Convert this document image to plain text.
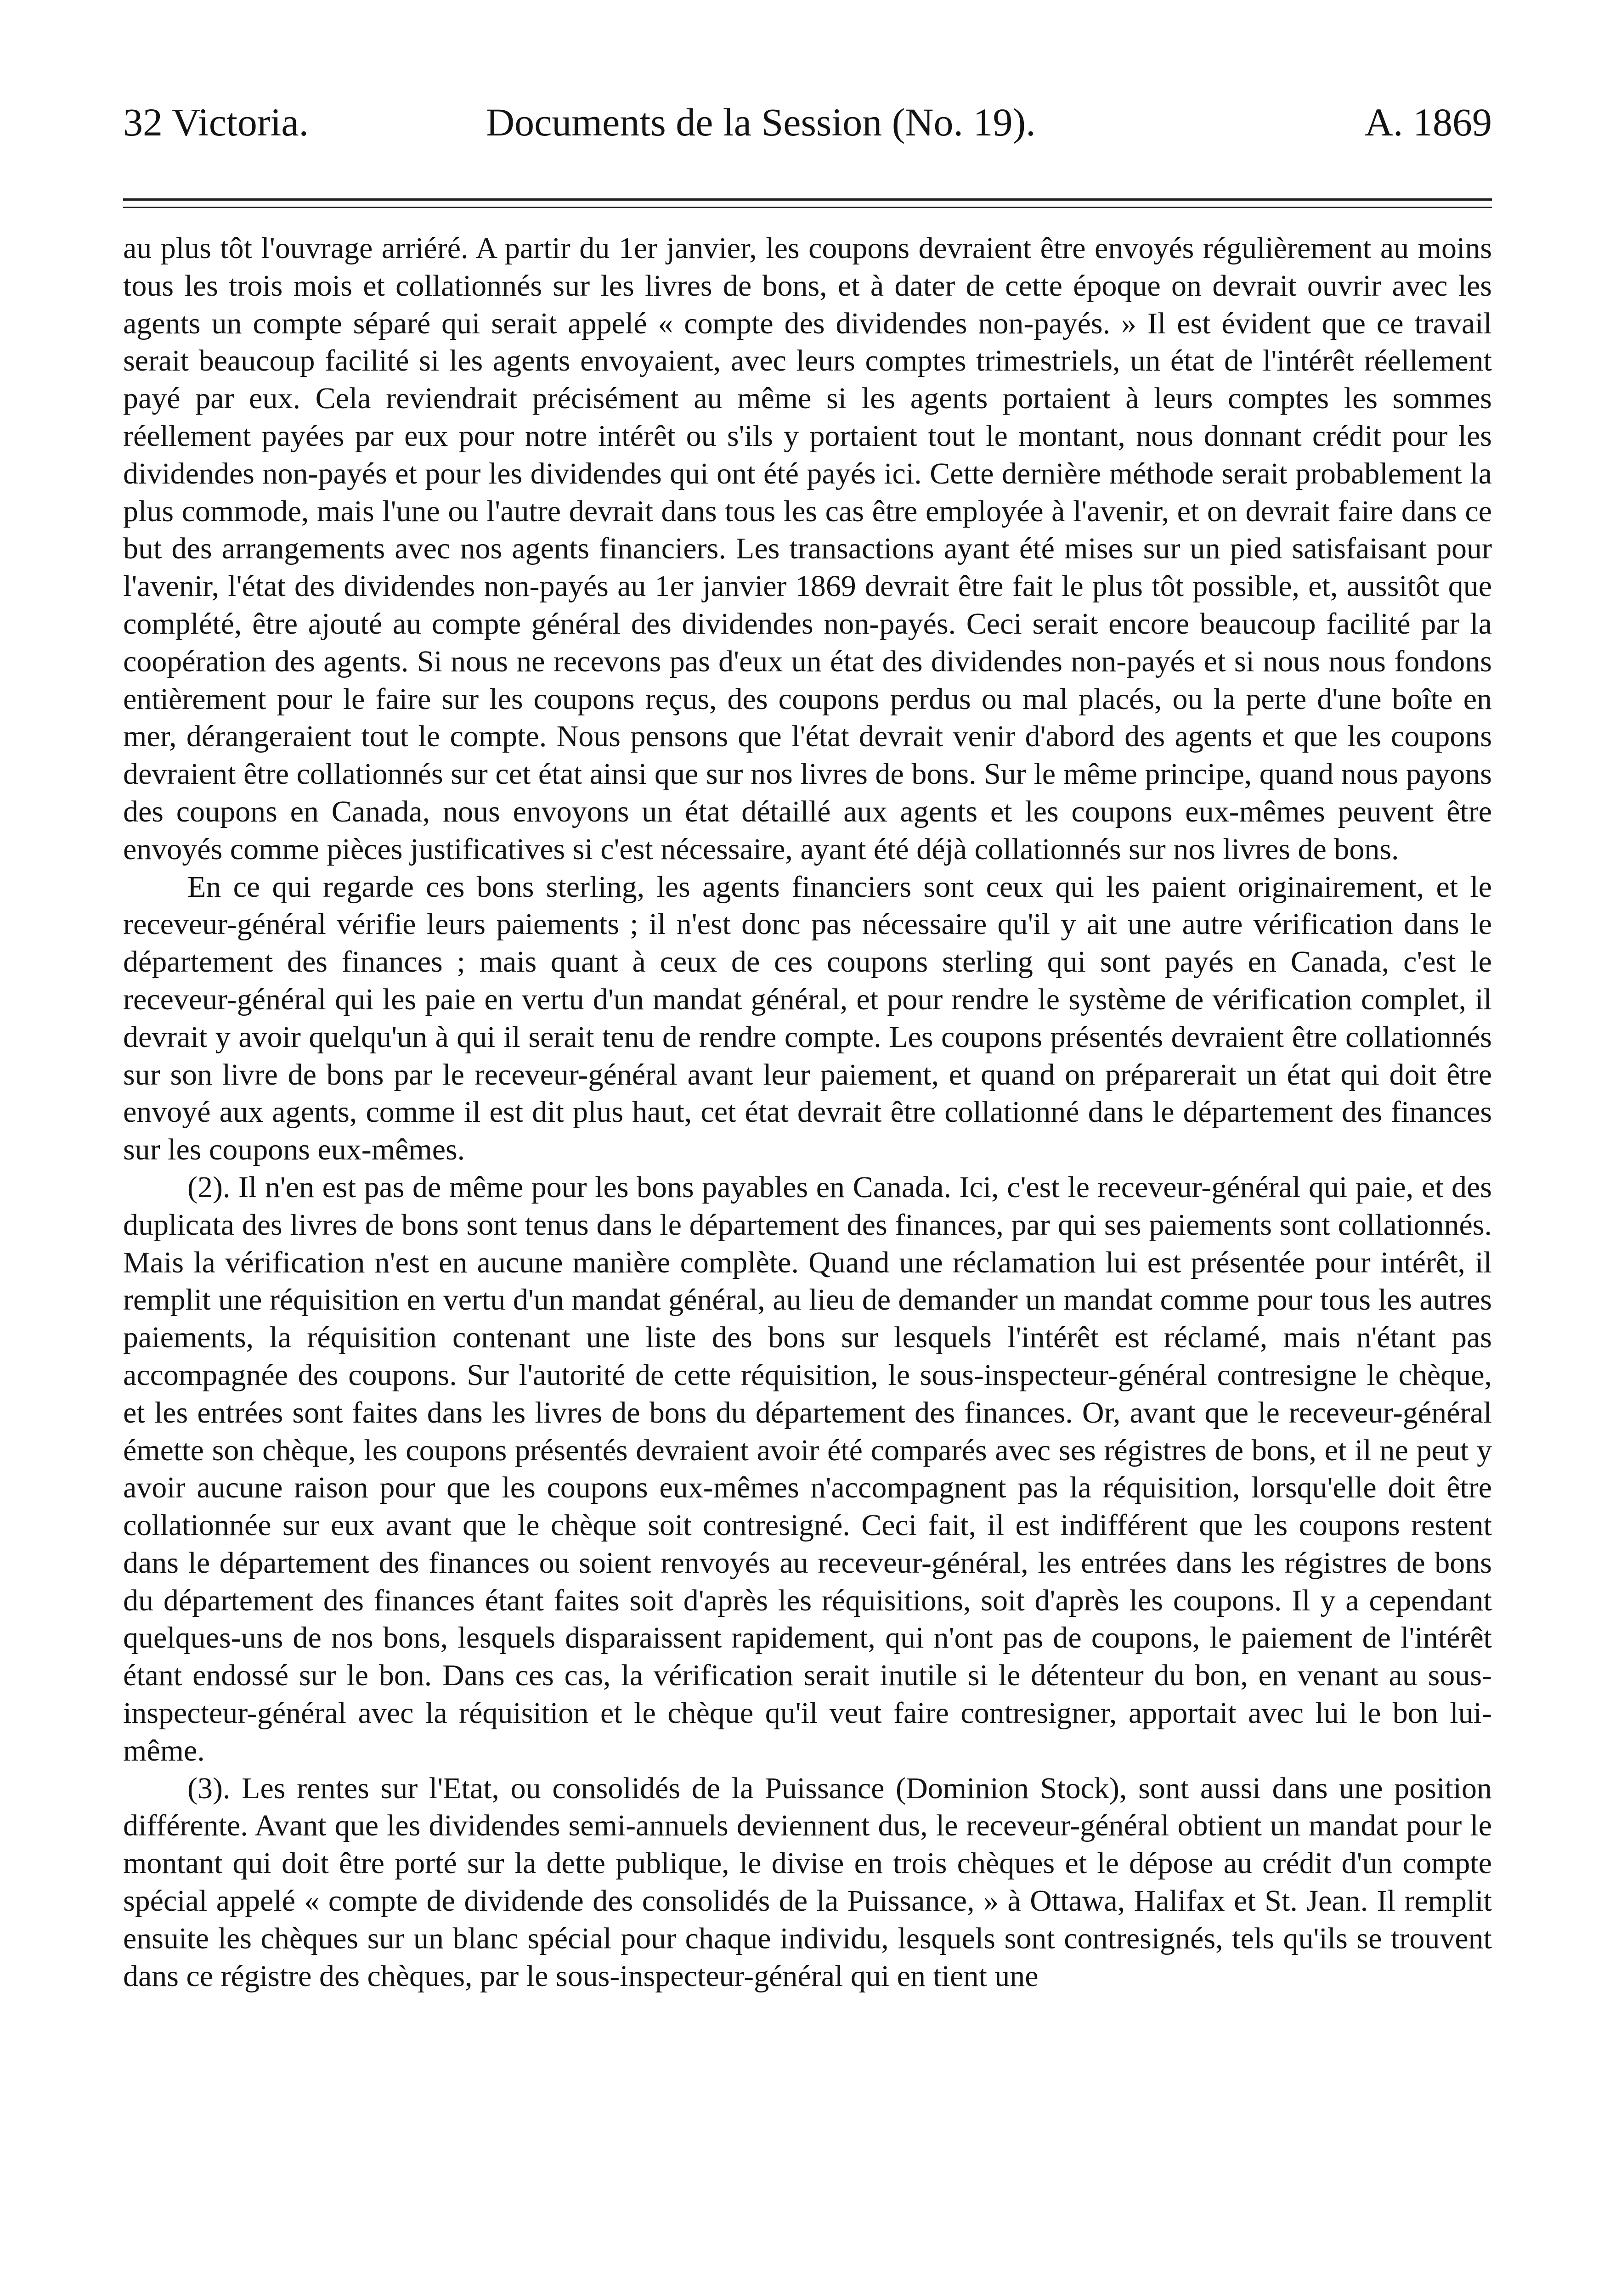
32 Victoria.	Documents de la Session (No. 19).	A. 1869

au plus tôt l'ouvrage arriéré. A partir du 1er janvier, les coupons devraient être envoyés régulièrement au moins tous les trois mois et collationnés sur les livres de bons, et à dater de cette époque on devrait ouvrir avec les agents un compte séparé qui serait appelé « compte des dividendes non-payés. » Il est évident que ce travail serait beaucoup facilité si les agents envoyaient, avec leurs comptes trimestriels, un état de l'intérêt réellement payé par eux. Cela reviendrait précisément au même si les agents portaient à leurs comptes les sommes réellement payées par eux pour notre intérêt ou s'ils y portaient tout le montant, nous donnant crédit pour les dividendes non-payés et pour les dividendes qui ont été payés ici. Cette dernière méthode serait probablement la plus commode, mais l'une ou l'autre devrait dans tous les cas être employée à l'avenir, et on devrait faire dans ce but des arrangements avec nos agents financiers. Les transactions ayant été mises sur un pied satisfaisant pour l'avenir, l'état des dividendes non-payés au 1er janvier 1869 devrait être fait le plus tôt possible, et, aussitôt que complété, être ajouté au compte général des dividendes non-payés. Ceci serait encore beaucoup facilité par la coopération des agents. Si nous ne recevons pas d'eux un état des dividendes non-payés et si nous nous fondons entièrement pour le faire sur les coupons reçus, des coupons perdus ou mal placés, ou la perte d'une boîte en mer, dérangeraient tout le compte. Nous pensons que l'état devrait venir d'abord des agents et que les coupons devraient être collationnés sur cet état ainsi que sur nos livres de bons. Sur le même principe, quand nous payons des coupons en Canada, nous envoyons un état détaillé aux agents et les coupons eux-mêmes peuvent être envoyés comme pièces justificatives si c'est nécessaire, ayant été déjà collationnés sur nos livres de bons.

En ce qui regarde ces bons sterling, les agents financiers sont ceux qui les paient originairement, et le receveur-général vérifie leurs paiements ; il n'est donc pas nécessaire qu'il y ait une autre vérification dans le département des finances ; mais quant à ceux de ces coupons sterling qui sont payés en Canada, c'est le receveur-général qui les paie en vertu d'un mandat général, et pour rendre le système de vérification complet, il devrait y avoir quelqu'un à qui il serait tenu de rendre compte. Les coupons présentés devraient être collationnés sur son livre de bons par le receveur-général avant leur paiement, et quand on préparerait un état qui doit être envoyé aux agents, comme il est dit plus haut, cet état devrait être collationné dans le département des finances sur les coupons eux-mêmes.

(2). Il n'en est pas de même pour les bons payables en Canada. Ici, c'est le receveur-général qui paie, et des duplicata des livres de bons sont tenus dans le département des finances, par qui ses paiements sont collationnés. Mais la vérification n'est en aucune manière complète. Quand une réclamation lui est présentée pour intérêt, il remplit une réquisition en vertu d'un mandat général, au lieu de demander un mandat comme pour tous les autres paiements, la réquisition contenant une liste des bons sur lesquels l'intérêt est réclamé, mais n'étant pas accompagnée des coupons. Sur l'autorité de cette réquisition, le sous-inspecteur-général contresigne le chèque, et les entrées sont faites dans les livres de bons du département des finances. Or, avant que le receveur-général émette son chèque, les coupons présentés devraient avoir été comparés avec ses régistres de bons, et il ne peut y avoir aucune raison pour que les coupons eux-mêmes n'accompagnent pas la réquisition, lorsqu'elle doit être collationnée sur eux avant que le chèque soit contresigné. Ceci fait, il est indifférent que les coupons restent dans le département des finances ou soient renvoyés au receveur-général, les entrées dans les régistres de bons du département des finances étant faites soit d'après les réquisitions, soit d'après les coupons. Il y a cependant quelques-uns de nos bons, lesquels disparaissent rapidement, qui n'ont pas de coupons, le paiement de l'intérêt étant endossé sur le bon. Dans ces cas, la vérification serait inutile si le détenteur du bon, en venant au sous-inspecteur-général avec la réquisition et le chèque qu'il veut faire contresigner, apportait avec lui le bon lui-même.

(3). Les rentes sur l'Etat, ou consolidés de la Puissance (Dominion Stock), sont aussi dans une position différente. Avant que les dividendes semi-annuels deviennent dus, le receveur-général obtient un mandat pour le montant qui doit être porté sur la dette publique, le divise en trois chèques et le dépose au crédit d'un compte spécial appelé « compte de dividende des consolidés de la Puissance, » à Ottawa, Halifax et St. Jean. Il remplit ensuite les chèques sur un blanc spécial pour chaque individu, lesquels sont contresignés, tels qu'ils se trouvent dans ce régistre des chèques, par le sous-inspecteur-général qui en tient une
